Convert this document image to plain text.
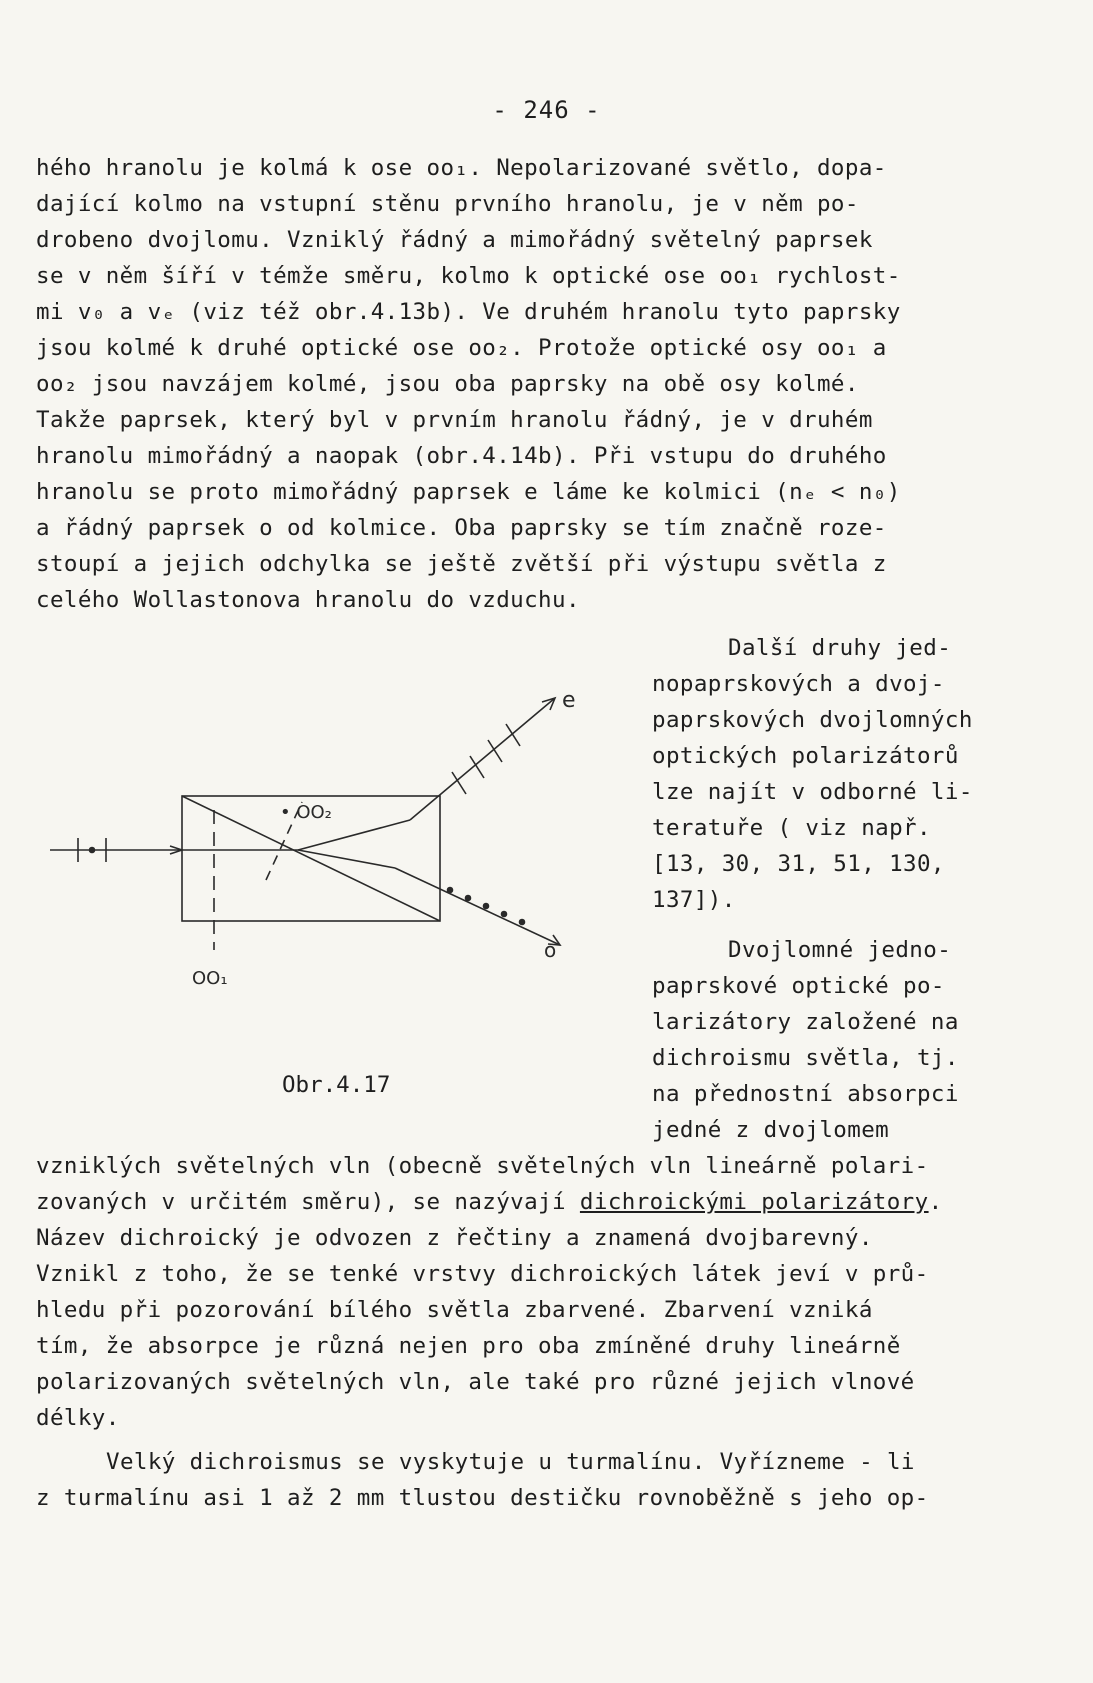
- 246 -
hého hranolu je kolmá k ose oo₁. Nepolarizované světlo, dopa-
dající kolmo na vstupní stěnu prvního hranolu, je v něm po-
drobeno dvojlomu. Vzniklý řádný a mimořádný světelný paprsek
se v něm šíří v témže směru, kolmo k optické ose oo₁ rychlost-
mi v₀ a vₑ (viz též obr.4.13b). Ve druhém hranolu tyto paprsky
jsou kolmé k druhé optické ose oo₂. Protože optické osy oo₁ a
oo₂ jsou navzájem kolmé, jsou oba paprsky na obě osy kolmé.
Takže paprsek, který byl v prvním hranolu řádný, je v druhém
hranolu mimořádný a naopak (obr.4.14b). Při vstupu do druhého
hranolu se proto mimořádný paprsek e láme ke kolmici (nₑ < n₀)
a řádný paprsek o od kolmice. Oba paprsky se tím značně roze-
stoupí a jejich odchylka se ještě zvětší při výstupu světla z
celého Wollastonova hranolu do vzduchu.
Další druhy jed-
nopaprskových a dvoj-
paprskových dvojlomných
optických polarizátorů
lze najít v odborné li-
teratuře ( viz např.
[13, 30, 31, 51, 130,
137]).
Dvojlomné jedno-
paprskové optické po-
larizátory založené na
dichroismu světla, tj.
na přednostní absorpci
jedné z dvojlomem
e
o
• OO₂
OO₁
Obr.4.17
vzniklých světelných vln (obecně světelných vln lineárně polari-
zovaných v určitém směru), se nazývají dichroickými polarizátory.
Název dichroický je odvozen z řečtiny a znamená dvojbarevný.
Vznikl z toho, že se tenké vrstvy dichroických látek jeví v prů-
hledu při pozorování bílého světla zbarvené. Zbarvení vzniká
tím, že absorpce je různá nejen pro oba zmíněné druhy lineárně
polarizovaných světelných vln, ale také pro různé jejich vlnové
délky.
Velký dichroismus se vyskytuje u turmalínu. Vyřízneme - li
z turmalínu asi 1 až 2 mm tlustou destičku rovnoběžně s jeho op-
